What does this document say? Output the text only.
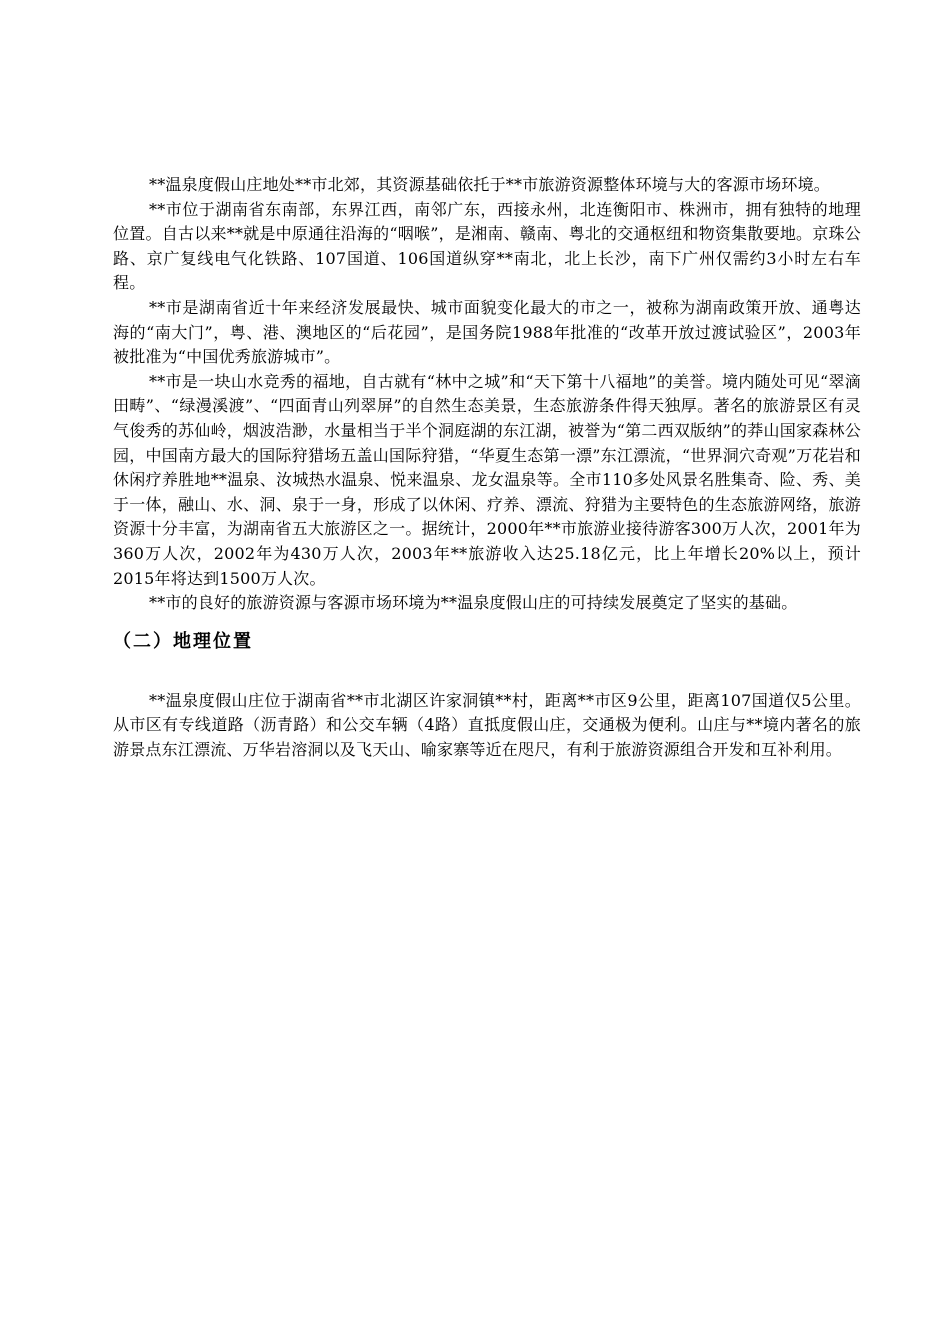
**温泉度假山庄地处**市北郊，其资源基础依托于**市旅游资源整体环境与大的客源市场环境。

**市位于湖南省东南部，东界江西，南邻广东，西接永州，北连衡阳市、株洲市，拥有独特的地理位置。自古以来**就是中原通往沿海的“咽喉”，是湘南、赣南、粤北的交通枢纽和物资集散要地。京珠公路、京广复线电气化铁路、107国道、106国道纵穿**南北，北上长沙，南下广州仅需约3小时左右车程。

**市是湖南省近十年来经济发展最快、城市面貌变化最大的市之一，被称为湖南政策开放、通粤达海的“南大门”，粤、港、澳地区的“后花园”，是国务院1988年批准的“改革开放过渡试验区”，2003年被批准为“中国优秀旅游城市”。

**市是一块山水竞秀的福地，自古就有“林中之城”和“天下第十八福地”的美誉。境内随处可见“翠滴田畴”、“绿漫溪渡”、“四面青山列翠屏”的自然生态美景，生态旅游条件得天独厚。著名的旅游景区有灵气俊秀的苏仙岭，烟波浩渺，水量相当于半个洞庭湖的东江湖，被誉为“第二西双版纳”的莽山国家森林公园，中国南方最大的国际狩猎场五盖山国际狩猎，“华夏生态第一漂”东江漂流，“世界洞穴奇观”万花岩和休闲疗养胜地**温泉、汝城热水温泉、悦来温泉、龙女温泉等。全市110多处风景名胜集奇、险、秀、美于一体，融山、水、洞、泉于一身，形成了以休闲、疗养、漂流、狩猎为主要特色的生态旅游网络，旅游资源十分丰富，为湖南省五大旅游区之一。据统计，2000年**市旅游业接待游客300万人次，2001年为360万人次，2002年为430万人次，2003年**旅游收入达25.18亿元，比上年增长20%以上，预计2015年将达到1500万人次。

**市的良好的旅游资源与客源市场环境为**温泉度假山庄的可持续发展奠定了坚实的基础。

（二）地理位置

**温泉度假山庄位于湖南省**市北湖区许家洞镇**村，距离**市区9公里，距离107国道仅5公里。从市区有专线道路（沥青路）和公交车辆（4路）直抵度假山庄，交通极为便利。山庄与**境内著名的旅游景点东江漂流、万华岩溶洞以及飞天山、喻家寨等近在咫尺，有利于旅游资源组合开发和互补利用。
